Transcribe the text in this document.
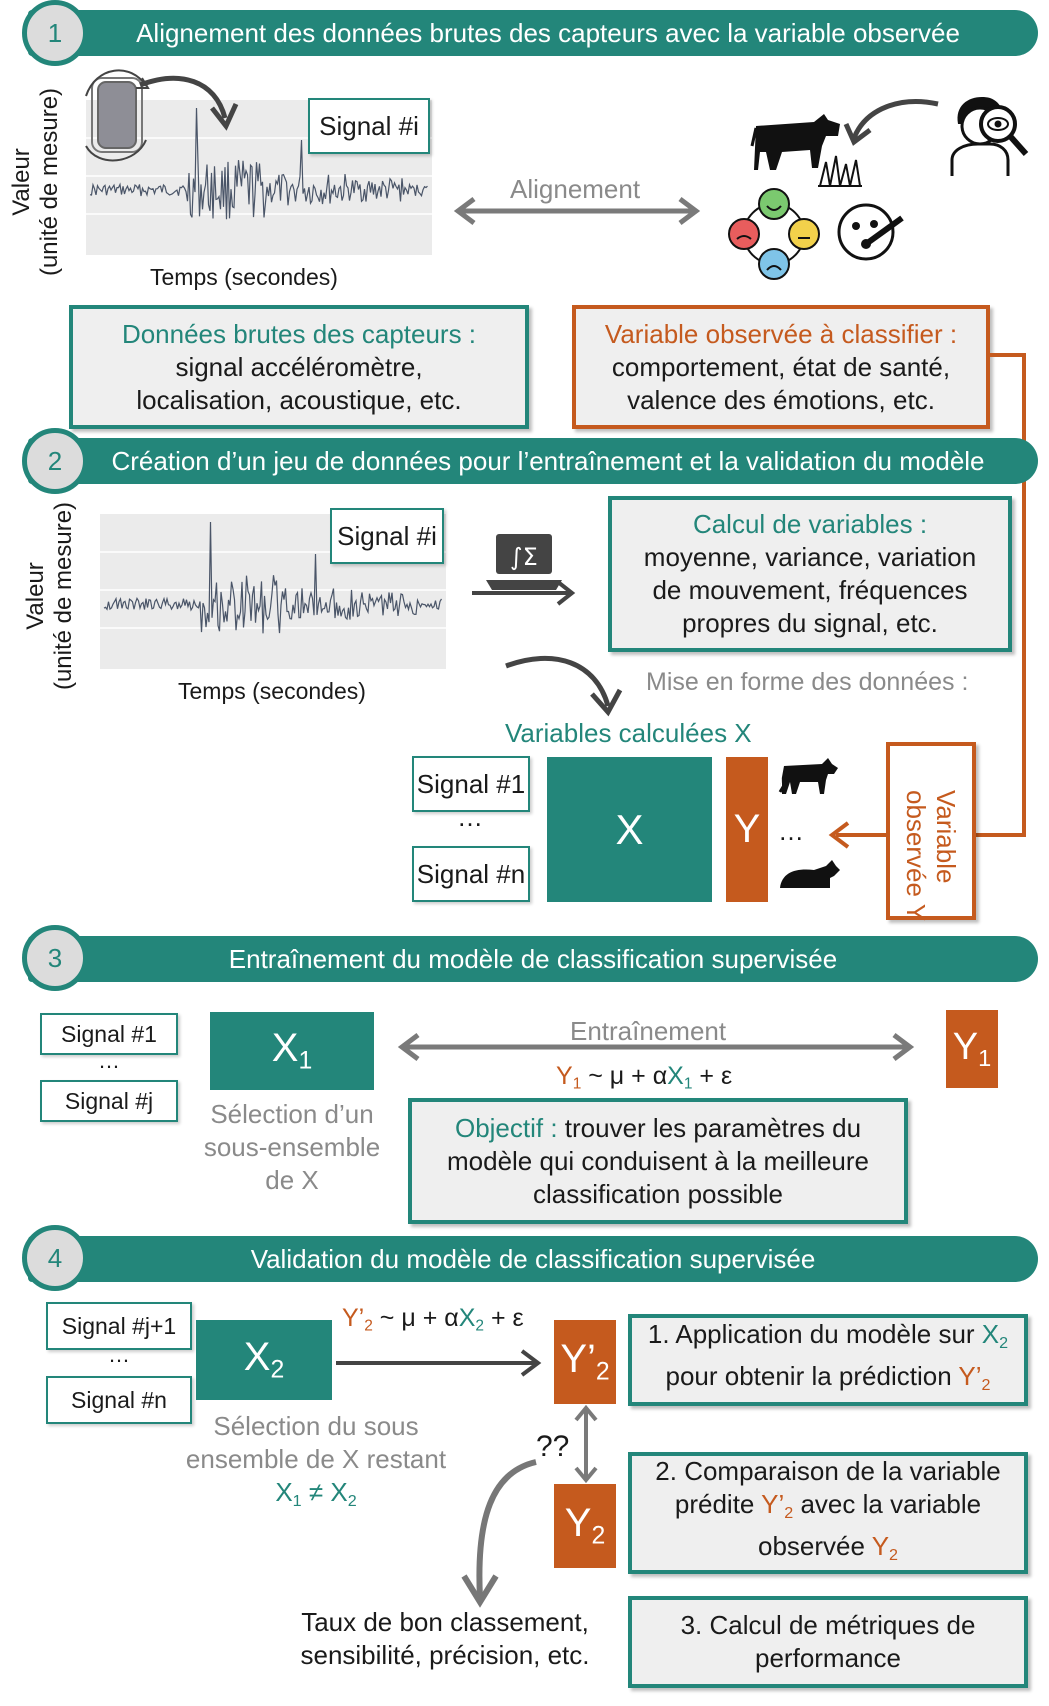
Alignement des données brutes des capteurs avec la variable observée
1
Valeur (unité de mesure)
Temps (secondes)
Signal #i
Alignement
Données brutes des capteurs :
signal accéléromètre,
localisation, acoustique, etc.
Variable observée à classifier :
comportement, état de santé,
valence des émotions, etc.
Création d’un jeu de données pour l’entraînement et la validation du modèle
2
Valeur (unité de mesure)
Temps (secondes)
Signal #i
∫Σ
Calcul de variables :
moyenne, variance, variation
de mouvement, fréquences
propres du signal, etc.
Mise en forme des données :
Variables calculées X
Signal #1
…
Signal #n
X Y …	Variable
observée Y
Entraînement du modèle de classification supervisée
3
Signal #1
…
Signal #j
$X_1$
Sélection d’un
sous-ensemble
de X
Entraînement
$Y_1$ ~ $\mu + \alpha X_1 + \varepsilon$
$Y_1$
Objectif : trouver les paramètres du
modèle qui conduisent à la meilleure
classification possible
Validation du modèle de classification supervisée
4
Signal #j+1
…
Signal #n
$X_2$
Sélection du sous
ensemble de X restant
$X_1 \ne X_2$
$Y’_2$ ~ $\mu + \alpha X_2 + \varepsilon$
$Y’_2$
??
$Y_2$
1. Application du modèle sur $X_2$
pour obtenir la prédiction $Y’_2$
2. Comparaison de la variable
prédite $Y’_2$ avec la variable
observée $Y_2$
3. Calcul de métriques de
performance
Taux de bon classement,
sensibilité, précision, etc.
